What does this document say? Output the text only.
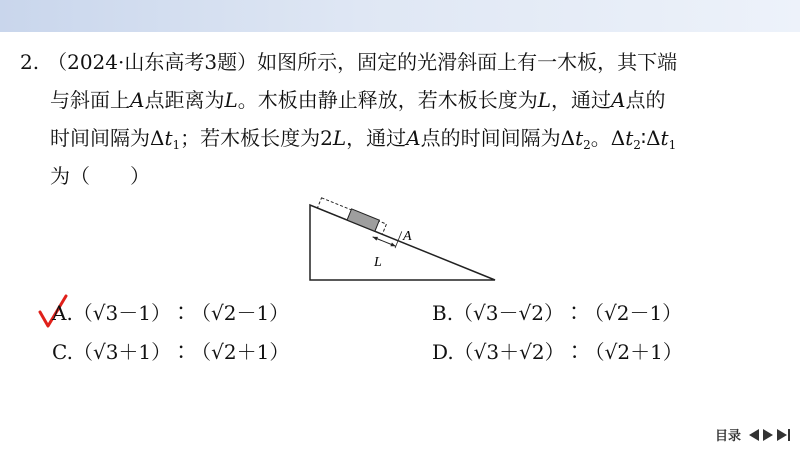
2. （2024·山东高考3题）如图所示，固定的光滑斜面上有一木板，其下端
与斜面上A点距离为L。木板由静止释放，若木板长度为L，通过A点的
时间间隔为$\Delta t_1$；若木板长度为2L，通过A点的时间间隔为$\Delta t_2$。$\Delta t_2∶\Delta t_1$
为（　　）
A
L
A.（√3－1）∶（√2－1）	B.（√3－√2）∶（√2－1）
C.（√3＋1）∶（√2＋1）	D.（√3＋√2）∶（√2＋1）
目录
